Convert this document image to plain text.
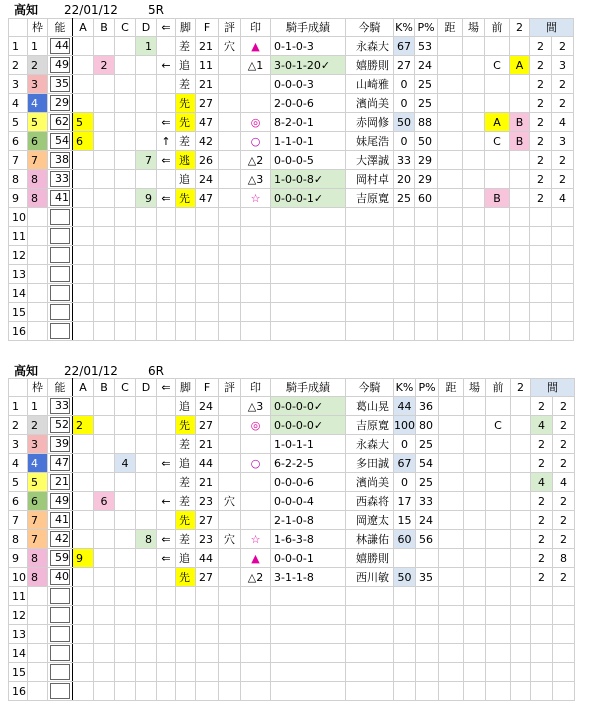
高知 22/01/12	5R
	枠	能	A	B	C	D	⇐	脚	F	評	印	騎手成績	今騎	K%	P%	距	場	前	2	間	
1	1	44				1		差	21	穴	▲	0-1-0-3	永森大	67	53					2	2
2	2	49		2			←	追	11		△1	3-0-1-20✓	嬉勝則	27	24			C	A	2	3
3	3	35						差	21			0-0-0-3	山崎雅	0	25					2	2
4	4	29						先	27			2-0-0-6	濱尚美	0	25					2	2
5	5	62	5				⇐	先	47		◎	8-2-0-1	赤岡修	50	88			A	B	2	4
6	6	54	6				↑	差	42		○	1-1-0-1	妹尾浩	0	50			C	B	2	3
7	7	38				7	⇐	逃	26		△2	0-0-0-5	大澤誠	33	29					2	2
8	8	33						追	24		△3	1-0-0-8✓	岡村卓	20	29					2	2
9	8	41				9	⇐	先	47		☆	0-0-0-1✓	吉原寛	25	60			B		2	4
10		

11		

12		

13		

14		

15		

16		

高知 22/01/12	6R
	枠	能	A	B	C	D	⇐	脚	F	評	印	騎手成績	今騎	K%	P%	距	場	前	2	間	
1	1	33						追	24		△3	0-0-0-0✓	葛山晃	44	36					2	2
2	2	52	2					先	27		◎	0-0-0-0✓	吉原寛	100	80			C		4	2
3	3	39						差	21			1-0-1-1	永森大	0	25					2	2
4	4	47			4		⇐	追	44		○	6-2-2-5	多田誠	67	54					2	2
5	5	21						差	21			0-0-0-6	濱尚美	0	25					4	4
6	6	49		6			←	差	23	穴		0-0-0-4	西森将	17	33					2	2
7	7	41						先	27			2-1-0-8	岡遼太	15	24					2	2
8	7	42				8	⇐	差	23	穴	☆	1-6-3-8	林謙佑	60	56					2	2
9	8	59	9				⇐	追	44		▲	0-0-0-1	嬉勝則							2	8
10	8	40						先	27		△2	3-1-1-8	西川敏	50	35					2	2
11		

12		

13		

14		

15		

16		
